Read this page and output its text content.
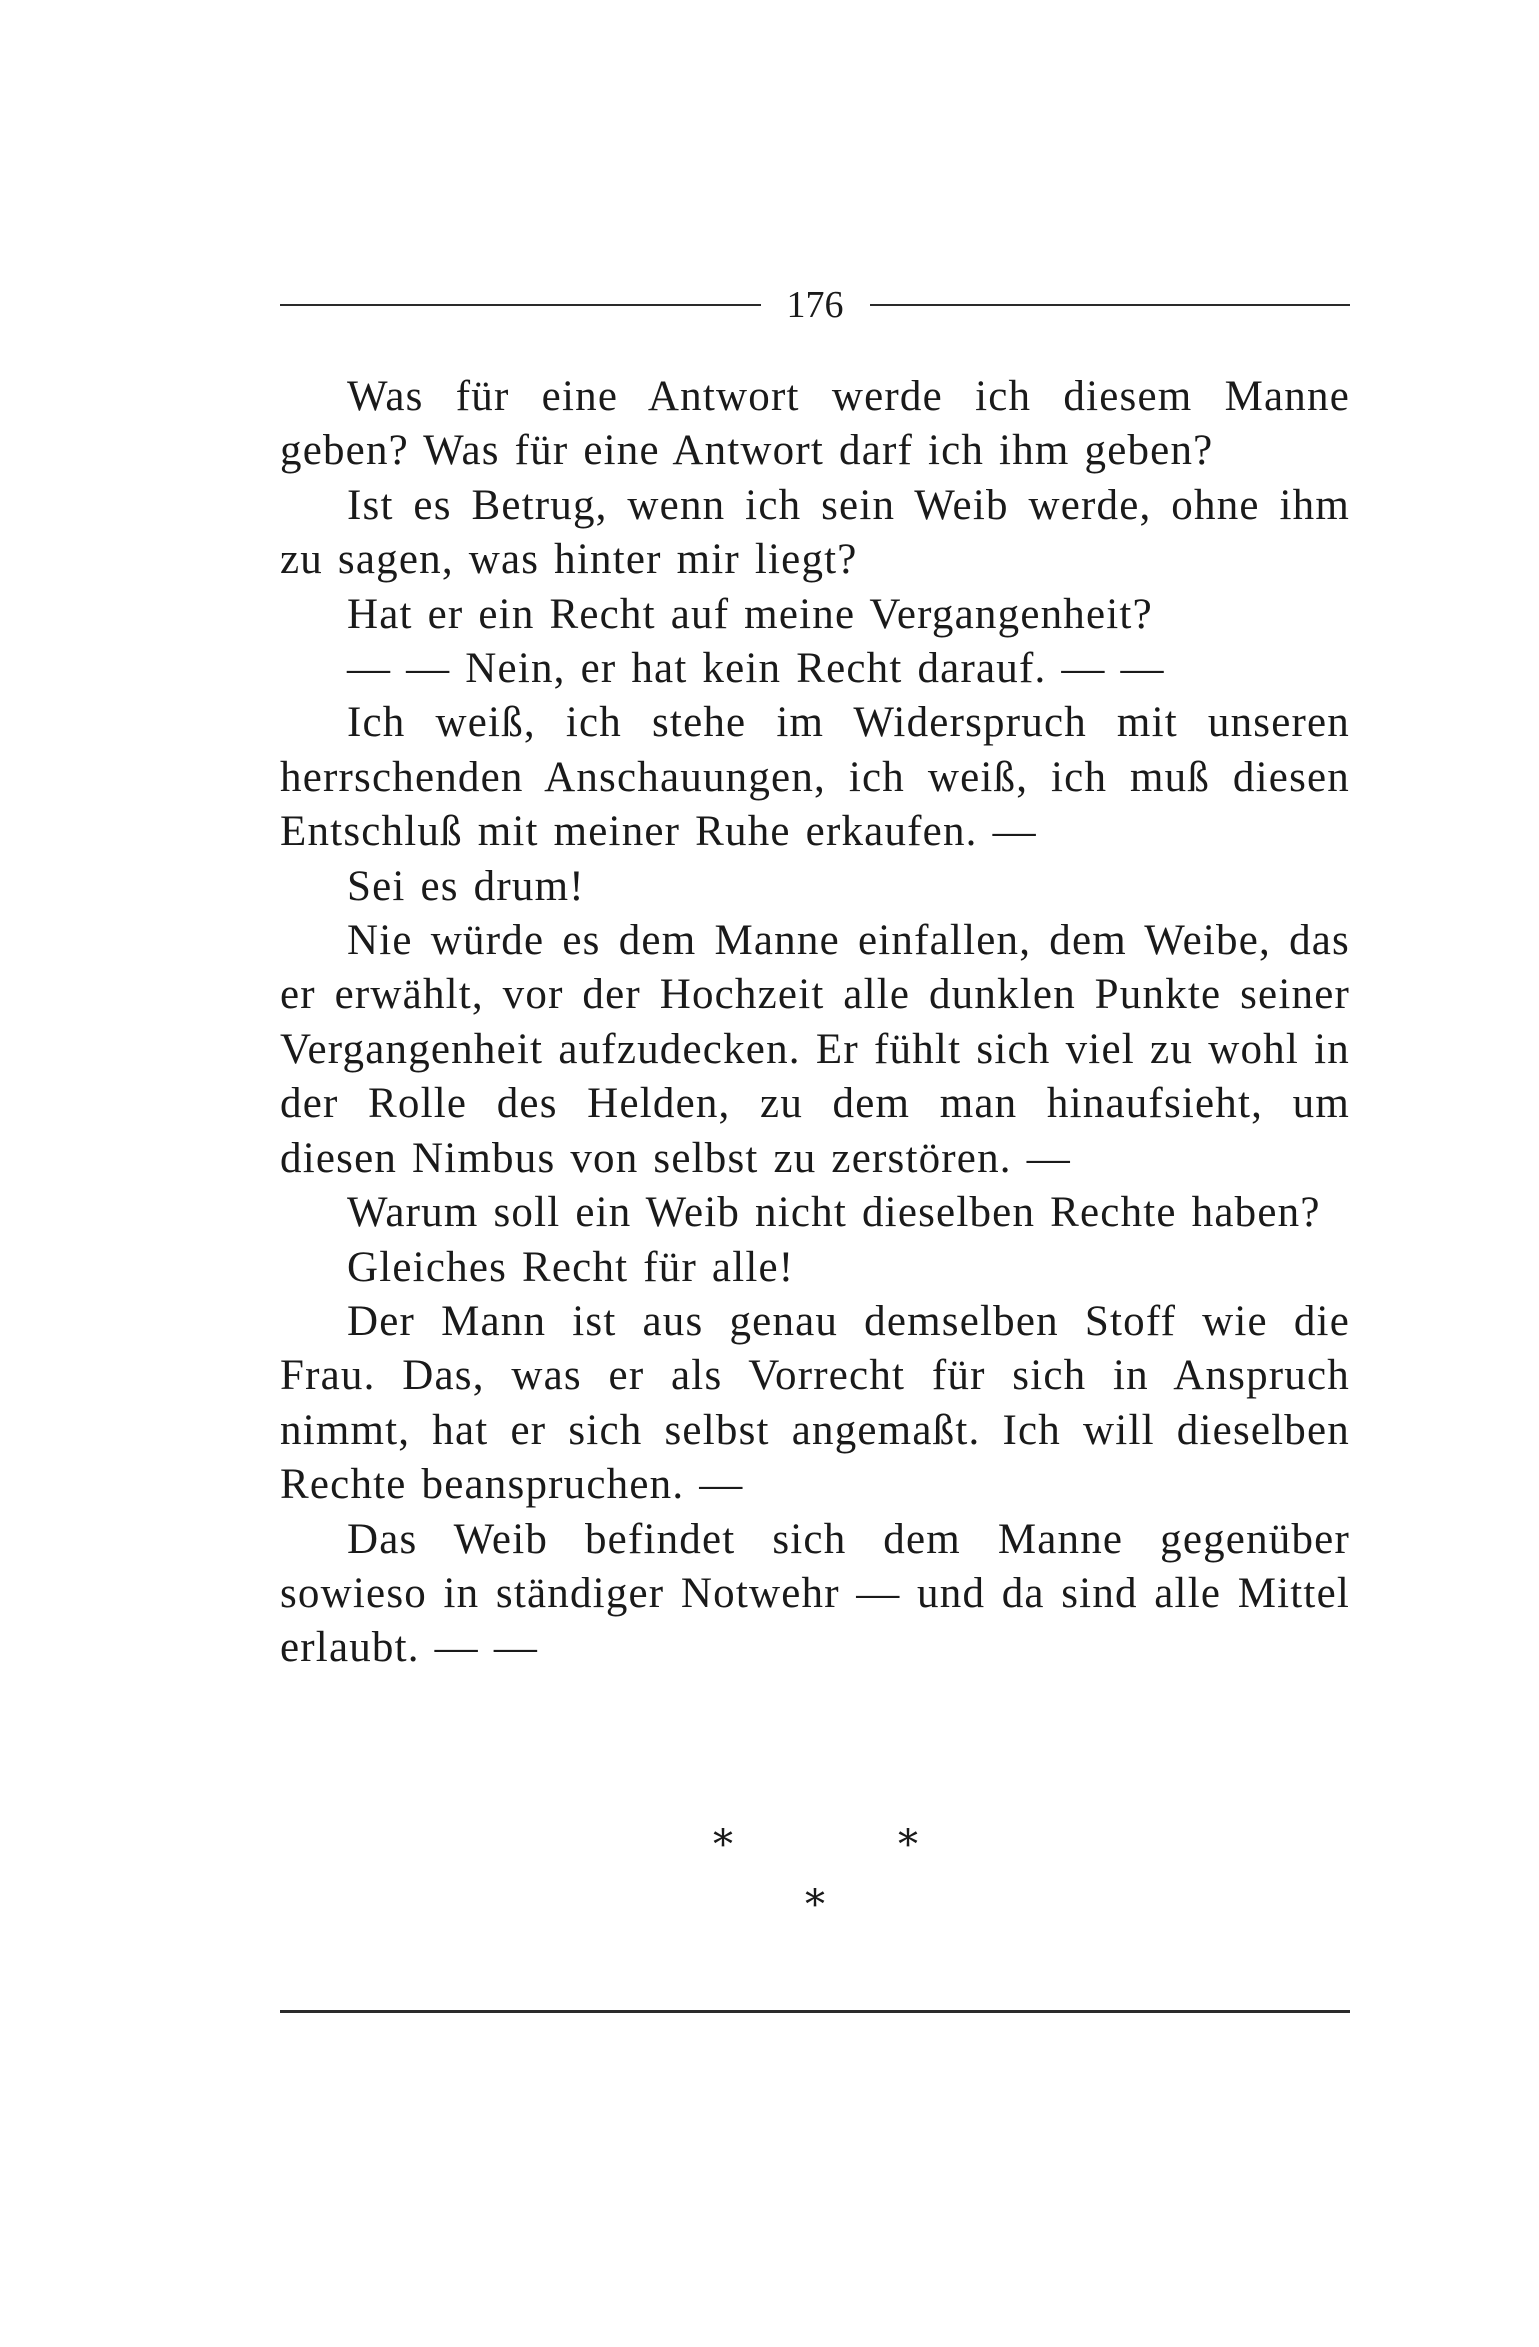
176

Was für eine Antwort werde ich diesem Manne geben? Was für eine Antwort darf ich ihm geben?

Ist es Betrug, wenn ich sein Weib werde, ohne ihm zu sagen, was hinter mir liegt?

Hat er ein Recht auf meine Vergangenheit?

— — Nein, er hat kein Recht darauf. — —

Ich weiß, ich stehe im Widerspruch mit unseren herrschenden Anschauungen, ich weiß, ich muß diesen Entschluß mit meiner Ruhe erkaufen. —

Sei es drum!

Nie würde es dem Manne einfallen, dem Weibe, das er erwählt, vor der Hochzeit alle dunklen Punkte seiner Vergangenheit aufzudecken. Er fühlt sich viel zu wohl in der Rolle des Helden, zu dem man hinaufsieht, um diesen Nimbus von selbst zu zerstören. —

Warum soll ein Weib nicht dieselben Rechte haben?

Gleiches Recht für alle!

Der Mann ist aus genau demselben Stoff wie die Frau. Das, was er als Vorrecht für sich in Anspruch nimmt, hat er sich selbst angemaßt. Ich will dieselben Rechte beanspruchen. —

Das Weib befindet sich dem Manne gegenüber sowieso in ständiger Notwehr — und da sind alle Mittel erlaubt. — —

*	*
*
